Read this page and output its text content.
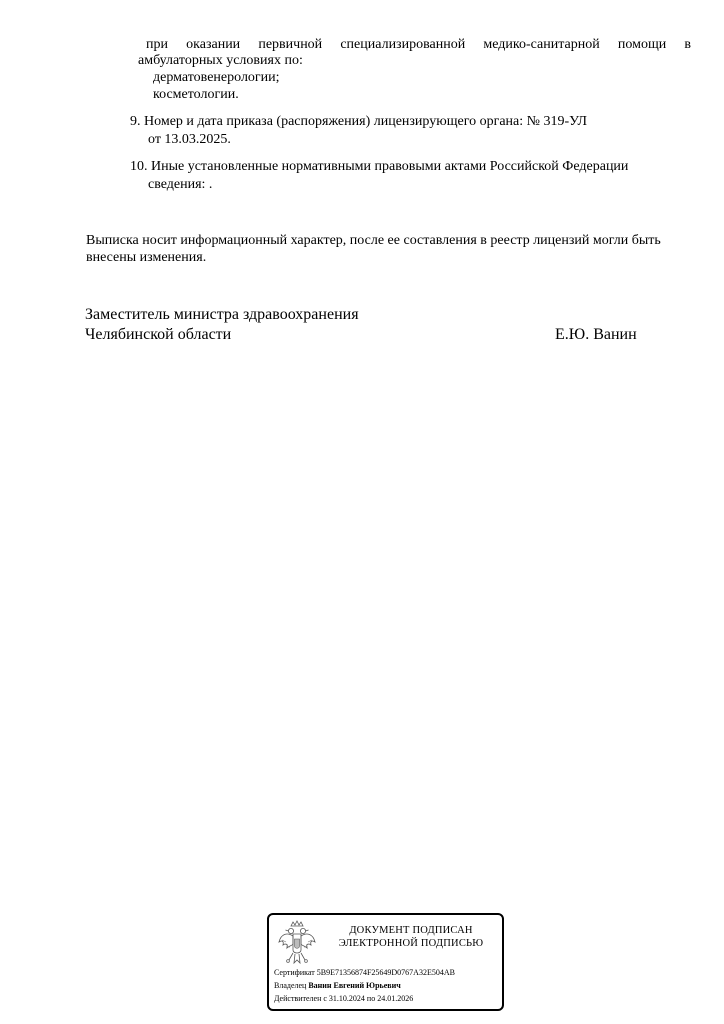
при оказании первичной специализированной медико-санитарной помощи в
амбулаторных условиях по:
дерматовенерологии;
косметологии.
9. Номер и дата приказа (распоряжения) лицензирующего органа: № 319-УЛ
от 13.03.2025.
10. Иные установленные нормативными правовыми актами Российской Федерации
сведения: .
Выписка носит информационный характер, после ее составления в реестр лицензий могли быть
внесены изменения.
Заместитель министра здравоохранения
Челябинской области	Е.Ю. Ванин
ДОКУМЕНТ ПОДПИСАН
ЭЛЕКТРОННОЙ ПОДПИСЬЮ
Сертификат 5B9E71356874F25649D0767A32E504AB
Владелец Ванин Евгений Юрьевич
Действителен с 31.10.2024 по 24.01.2026
